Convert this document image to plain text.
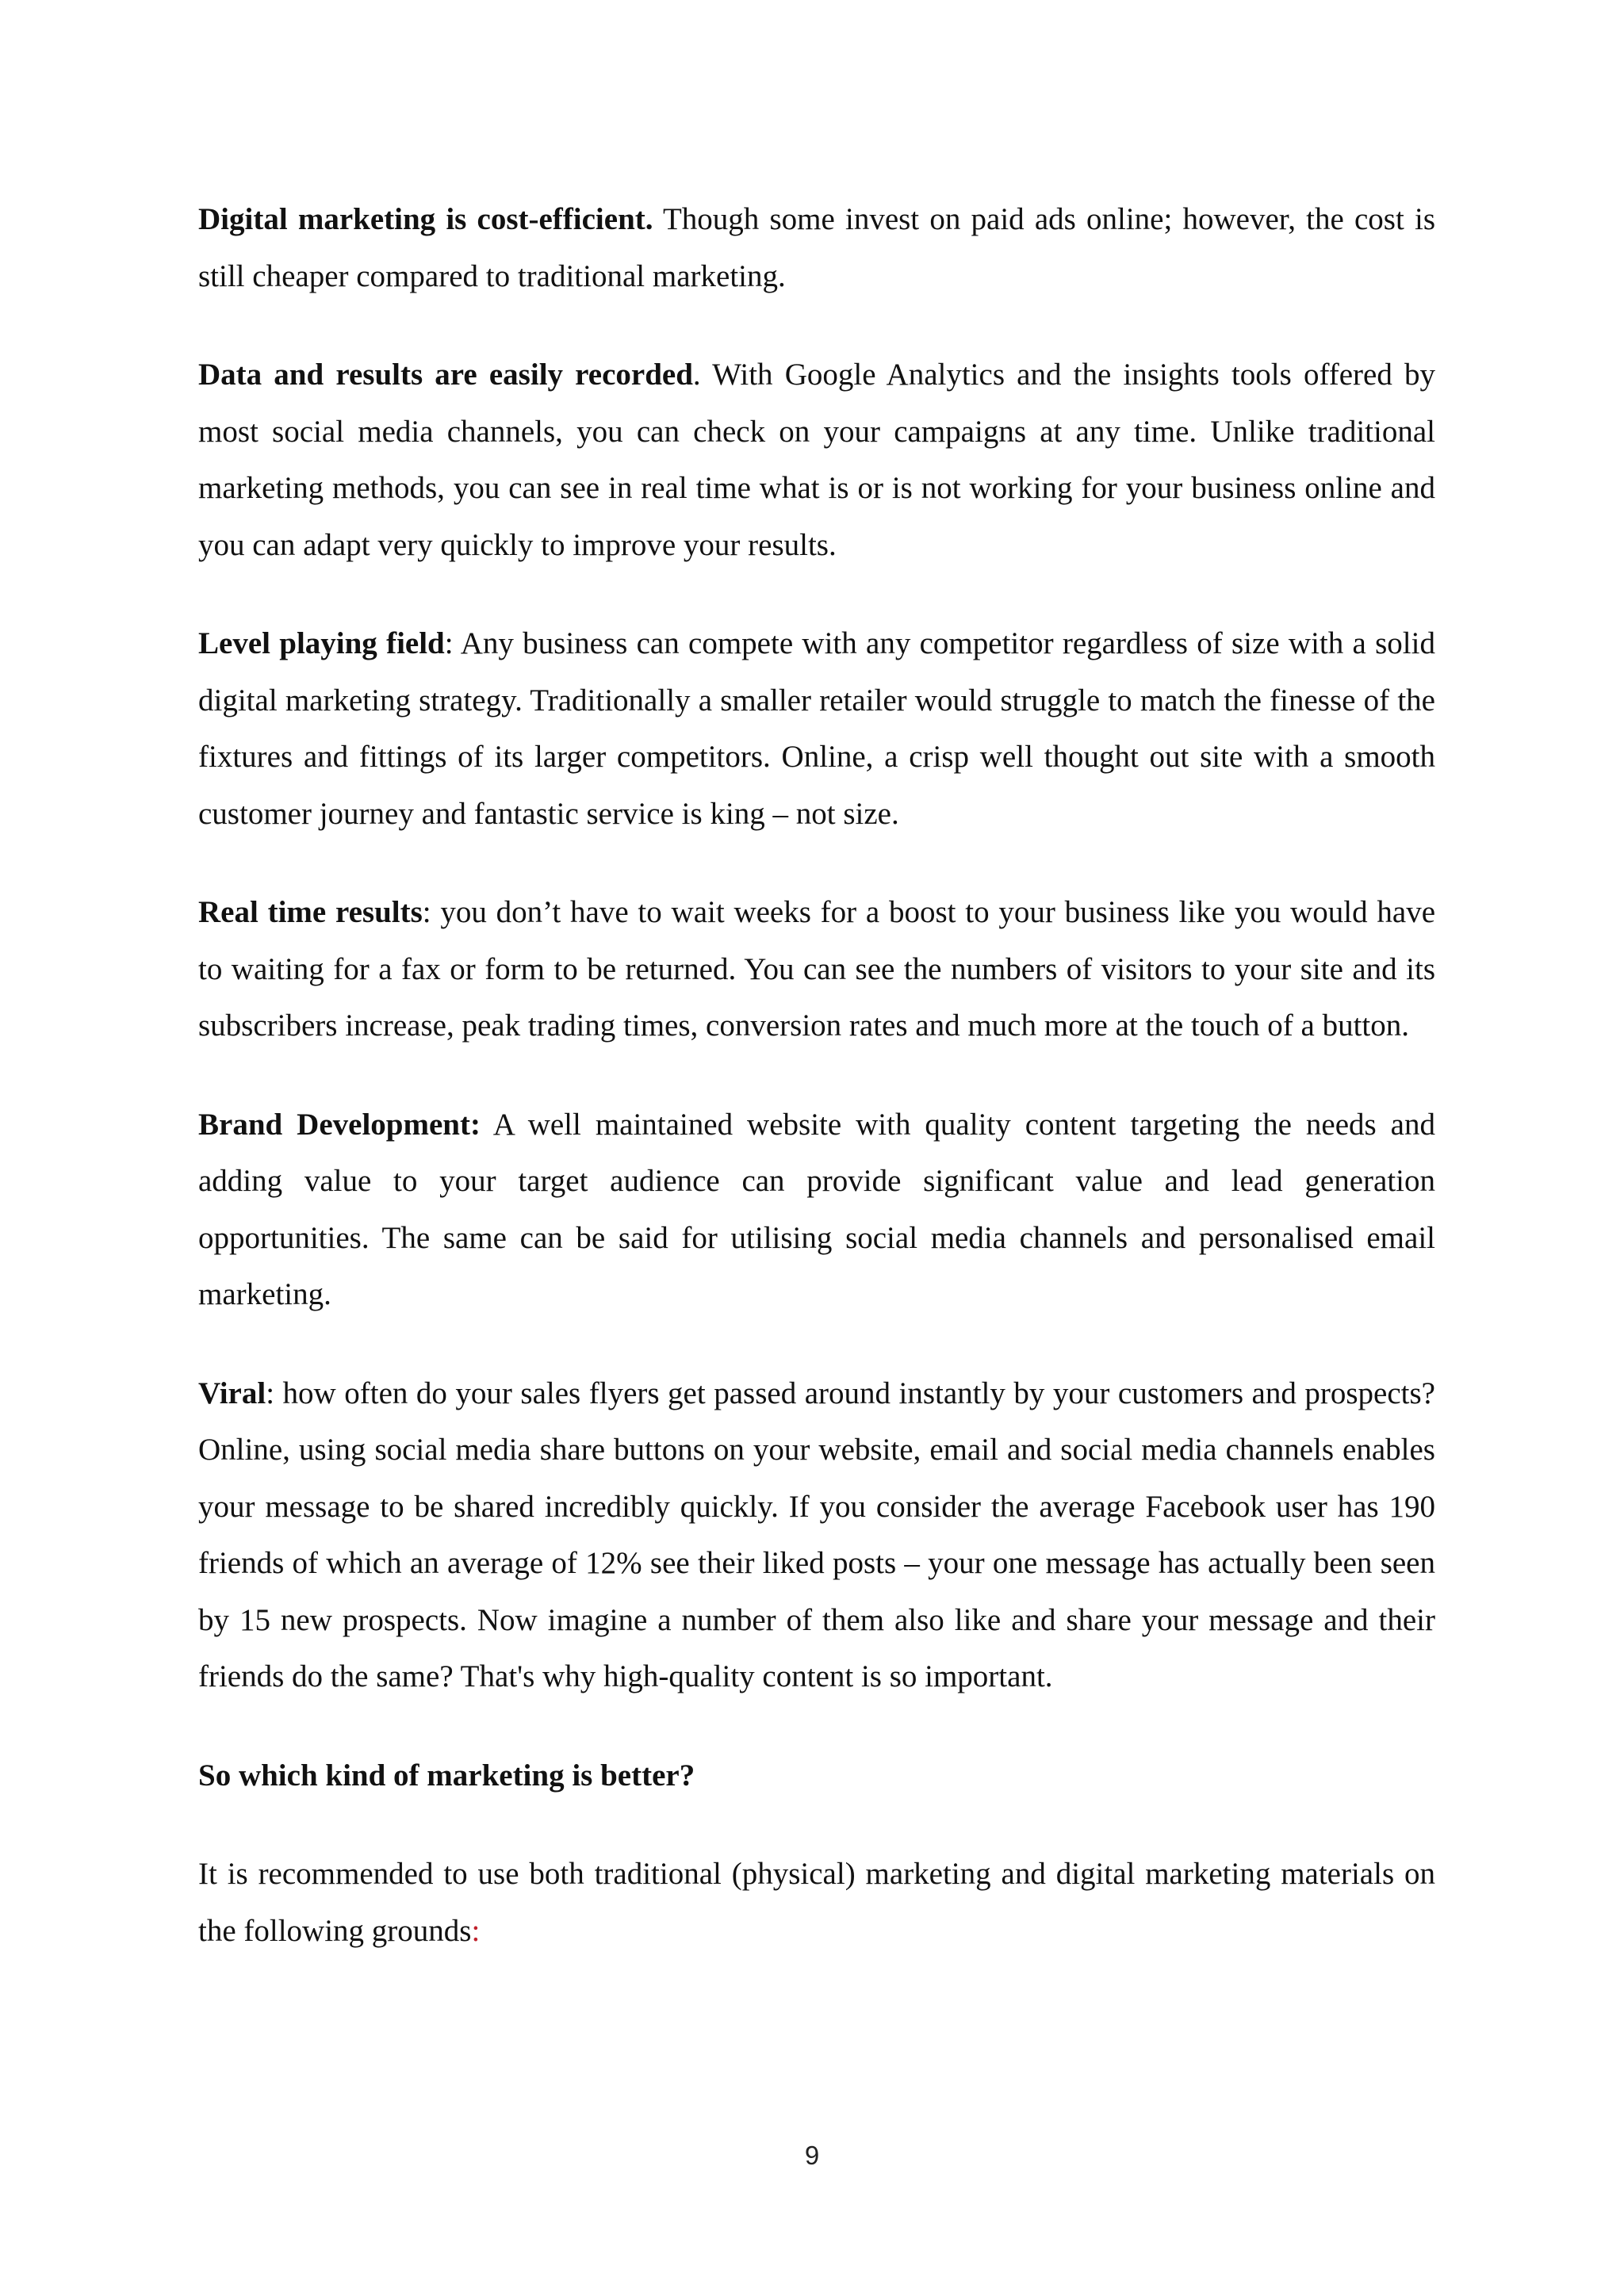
Digital marketing is cost-efficient. Though some invest on paid ads online; however, the cost is still cheaper compared to traditional marketing.

Data and results are easily recorded. With Google Analytics and the insights tools offered by most social media channels, you can check on your campaigns at any time. Unlike traditional marketing methods, you can see in real time what is or is not working for your business online and you can adapt very quickly to improve your results.

Level playing field: Any business can compete with any competitor regardless of size with a solid digital marketing strategy. Traditionally a smaller retailer would struggle to match the finesse of the fixtures and fittings of its larger competitors. Online, a crisp well thought out site with a smooth customer journey and fantastic service is king – not size.

Real time results: you don’t have to wait weeks for a boost to your business like you would have to waiting for a fax or form to be returned. You can see the numbers of visitors to your site and its subscribers increase, peak trading times, conversion rates and much more at the touch of a button.

Brand Development: A well maintained website with quality content targeting the needs and adding value to your target audience can provide significant value and lead generation opportunities. The same can be said for utilising social media channels and personalised email marketing.

Viral: how often do your sales flyers get passed around instantly by your customers and prospects? Online, using social media share buttons on your website, email and social media channels enables your message to be shared incredibly quickly. If you consider the average Facebook user has 190 friends of which an average of 12% see their liked posts – your one message has actually been seen by 15 new prospects. Now imagine a number of them also like and share your message and their friends do the same? That's why high-quality content is so important.

So which kind of marketing is better?

It is recommended to use both traditional (physical) marketing and digital marketing materials on the following grounds:

9
